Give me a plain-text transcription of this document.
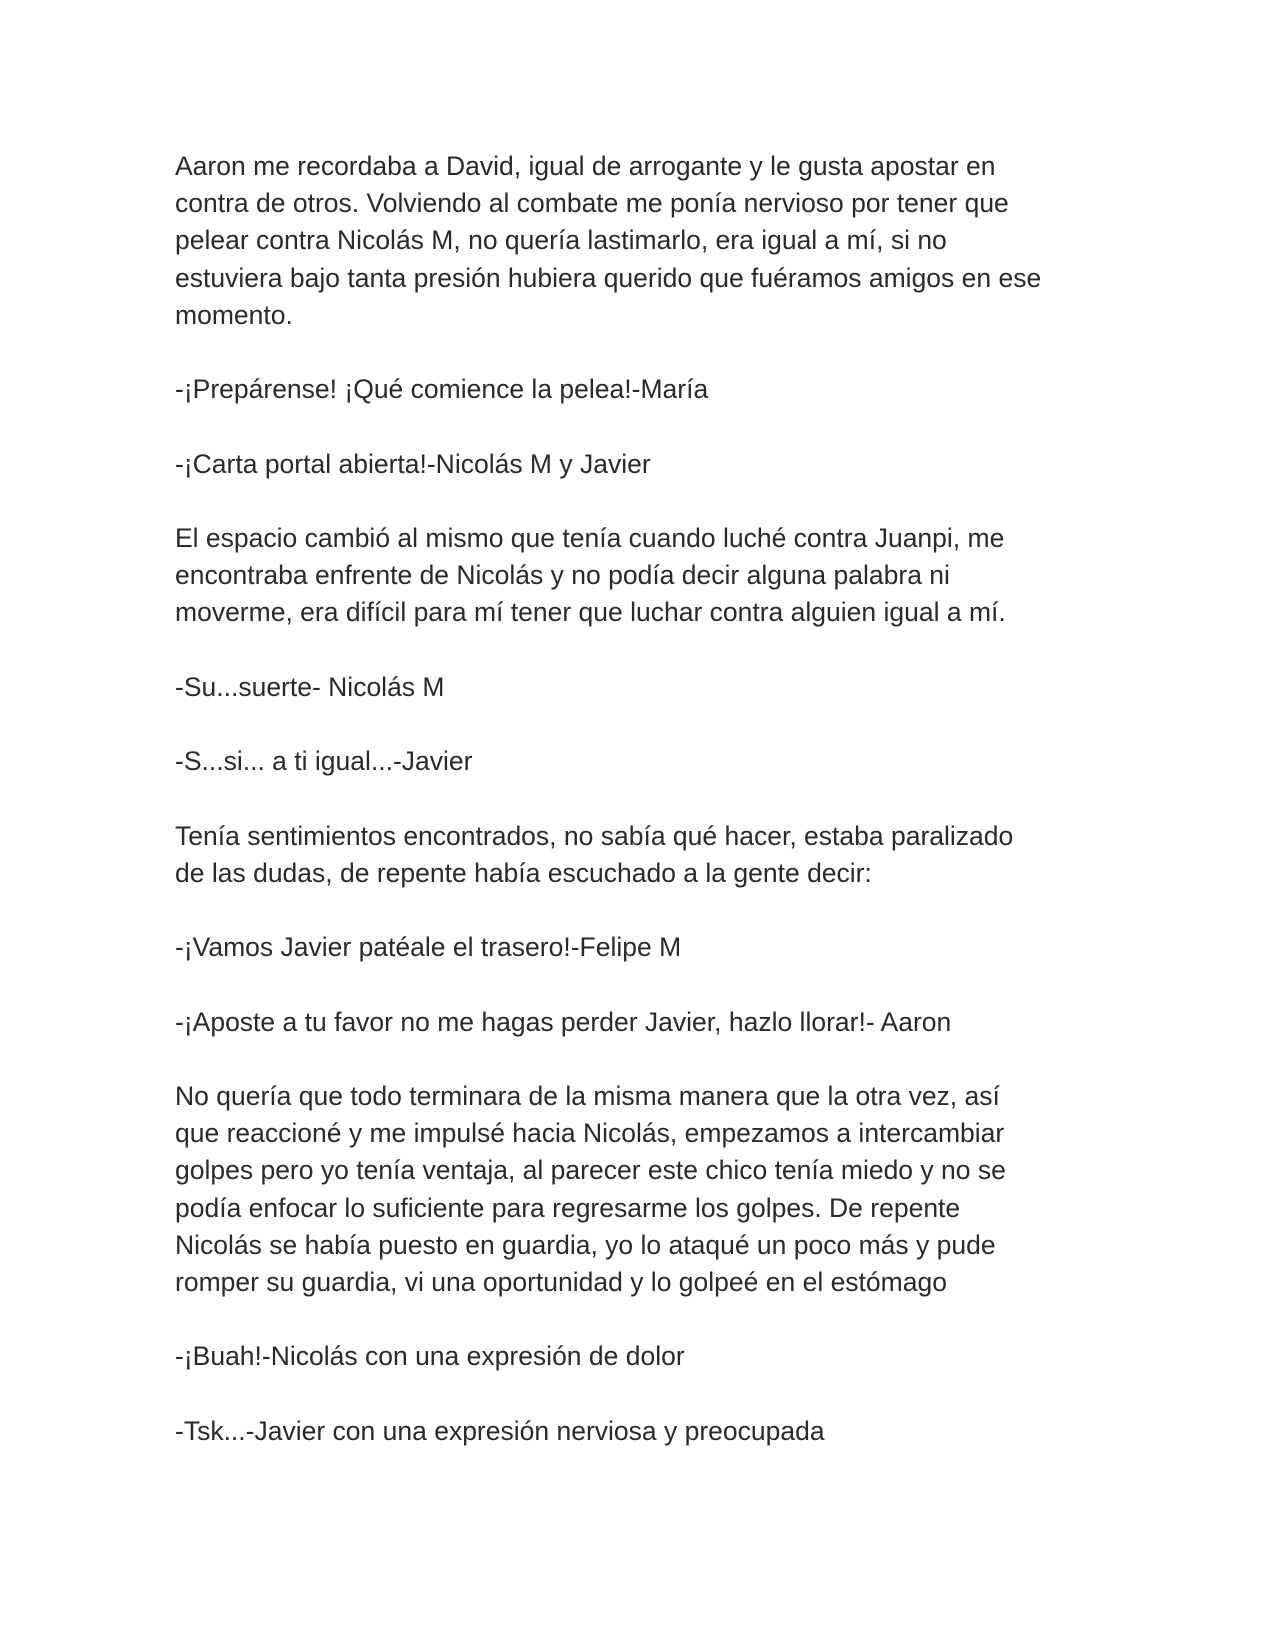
Aaron me recordaba a David, igual de arrogante y le gusta apostar en
contra de otros. Volviendo al combate me ponía nervioso por tener que
pelear contra Nicolás M, no quería lastimarlo, era igual a mí, si no
estuviera bajo tanta presión hubiera querido que fuéramos amigos en ese
momento.
-¡Prepárense! ¡Qué comience la pelea!-María
-¡Carta portal abierta!-Nicolás M y Javier
El espacio cambió al mismo que tenía cuando luché contra Juanpi, me
encontraba enfrente de Nicolás y no podía decir alguna palabra ni
moverme, era difícil para mí tener que luchar contra alguien igual a mí.
-Su...suerte- Nicolás M
-S...si... a ti igual...-Javier
Tenía sentimientos encontrados, no sabía qué hacer, estaba paralizado
de las dudas, de repente había escuchado a la gente decir:
-¡Vamos Javier patéale el trasero!-Felipe M
-¡Aposte a tu favor no me hagas perder Javier, hazlo llorar!- Aaron
No quería que todo terminara de la misma manera que la otra vez, así
que reaccioné y me impulsé hacia Nicolás, empezamos a intercambiar
golpes pero yo tenía ventaja, al parecer este chico tenía miedo y no se
podía enfocar lo suficiente para regresarme los golpes. De repente
Nicolás se había puesto en guardia, yo lo ataqué un poco más y pude
romper su guardia, vi una oportunidad y lo golpeé en el estómago
-¡Buah!-Nicolás con una expresión de dolor
-Tsk...-Javier con una expresión nerviosa y preocupada
